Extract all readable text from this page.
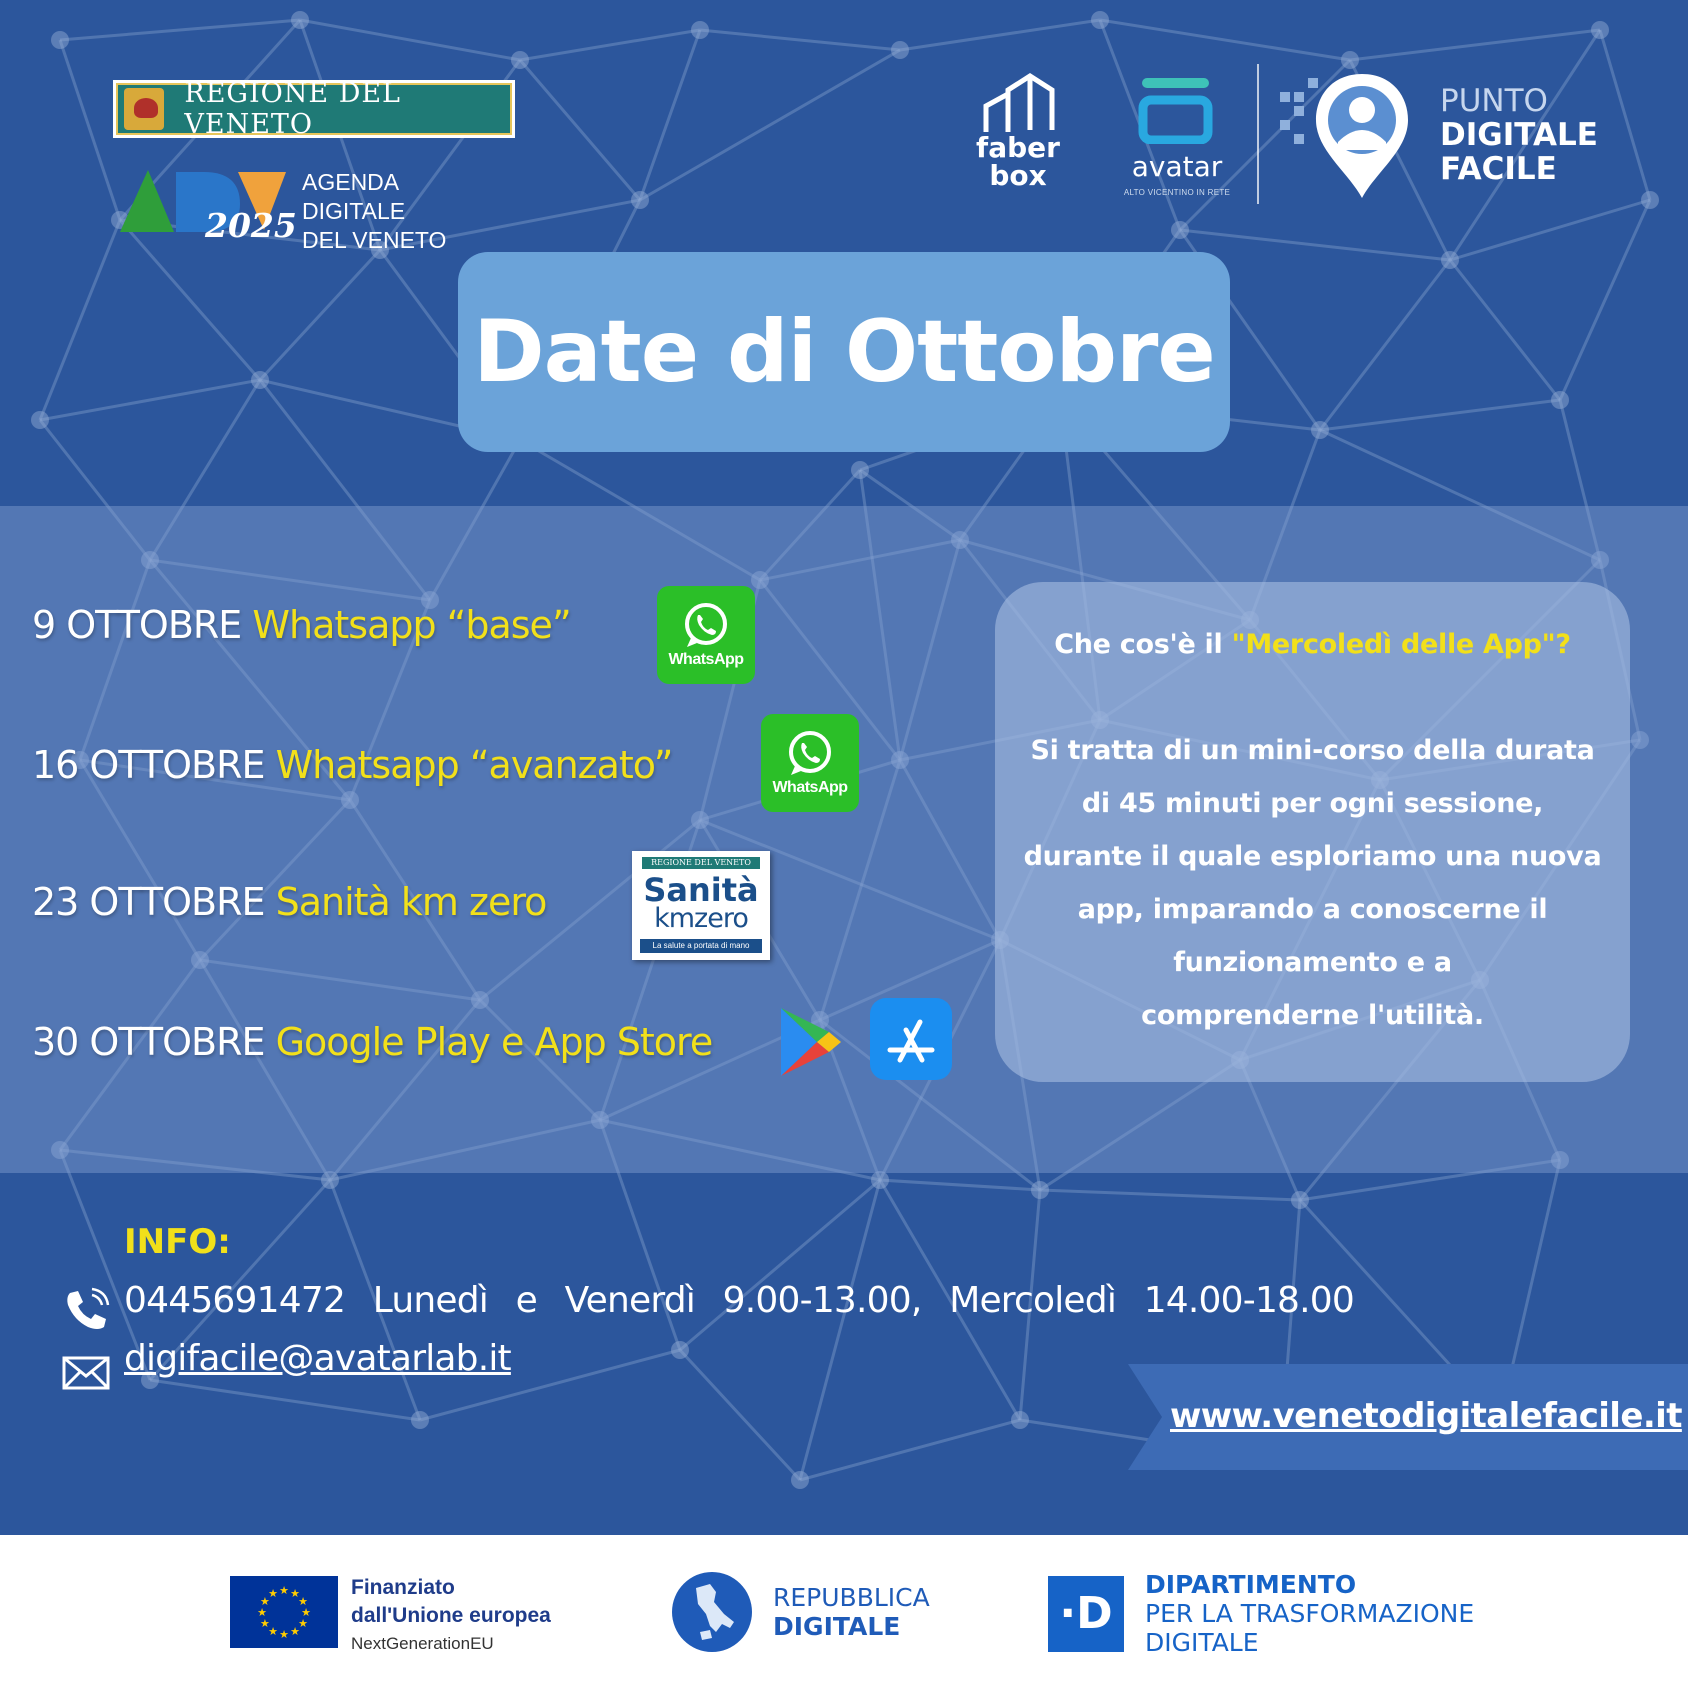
REGIONE DEL VENETO
2025
AGENDA
DIGITALE
DEL VENETO
faber
box	avatar
ALTO VICENTINO IN RETE
PUNTO
DIGITALE
FACILE
Date di Ottobre
9 OTTOBRE Whatsapp “base”
WhatsApp
16 OTTOBRE Whatsapp “avanzato”
WhatsApp
23 OTTOBRE Sanità km zero
REGIONE DEL VENETO
Sanità
kmzero
La salute a portata di mano
30 OTTOBRE Google Play e App Store
Che cos'è il "Mercoledì delle App"?
Si tratta di un mini-corso della durata
di 45 minuti per ogni sessione,
durante il quale esploriamo una nuova
app, imparando a conoscerne il
funzionamento e a
comprenderne l'utilità.
INFO:
0445691472 Lunedì e Venerdì 9.00-13.00, Mercoledì 14.00-18.00
digifacile@avatarlab.it
www.venetodigitalefacile.it
★
★
★
★
★
★
★
★
★ ★ ★
★
Finanziato
dall'Unione europea
NextGenerationEU
REPUBBLICA
DIGITALE	·D
DIPARTIMENTO
PER LA TRASFORMAZIONE
DIGITALE
